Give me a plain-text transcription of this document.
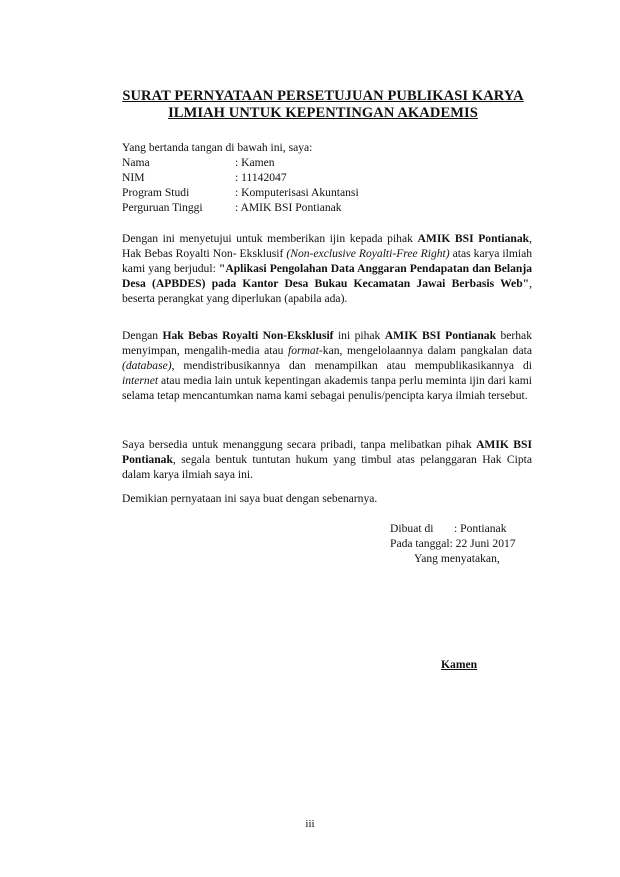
SURAT PERNYATAAN PERSETUJUAN PUBLIKASI KARYA
ILMIAH UNTUK KEPENTINGAN AKADEMIS
Yang bertanda tangan di bawah ini, saya:
Nama	: Kamen
NIM	: 11142047
Program Studi	: Komputerisasi Akuntansi
Perguruan Tinggi	: AMIK BSI Pontianak
Dengan ini menyetujui untuk memberikan ijin kepada pihak AMIK BSI Pontianak, Hak Bebas Royalti Non- Eksklusif (Non-exclusive Royalti-Free Right) atas karya ilmiah kami yang berjudul: "Aplikasi Pengolahan Data Anggaran Pendapatan dan Belanja Desa (APBDES) pada Kantor Desa Bukau Kecamatan Jawai Berbasis Web", beserta perangkat yang diperlukan (apabila ada).
Dengan Hak Bebas Royalti Non-Eksklusif ini pihak AMIK BSI Pontianak berhak menyimpan, mengalih-media atau format-kan, mengelolaannya dalam pangkalan data (database), mendistribusikannya dan menampilkan atau mempublikasikannya di internet atau media lain untuk kepentingan akademis tanpa perlu meminta ijin dari kami selama tetap mencantumkan nama kami sebagai penulis/pencipta karya ilmiah tersebut.
Saya bersedia untuk menanggung secara pribadi, tanpa melibatkan pihak AMIK BSI Pontianak, segala bentuk tuntutan hukum yang timbul atas pelanggaran Hak Cipta dalam karya ilmiah saya ini.
Demikian pernyataan ini saya buat dengan sebenarnya.
Dibuat di	: Pontianak
Pada tanggal : 22 Juni 2017
Yang menyatakan,
Kamen
iii
